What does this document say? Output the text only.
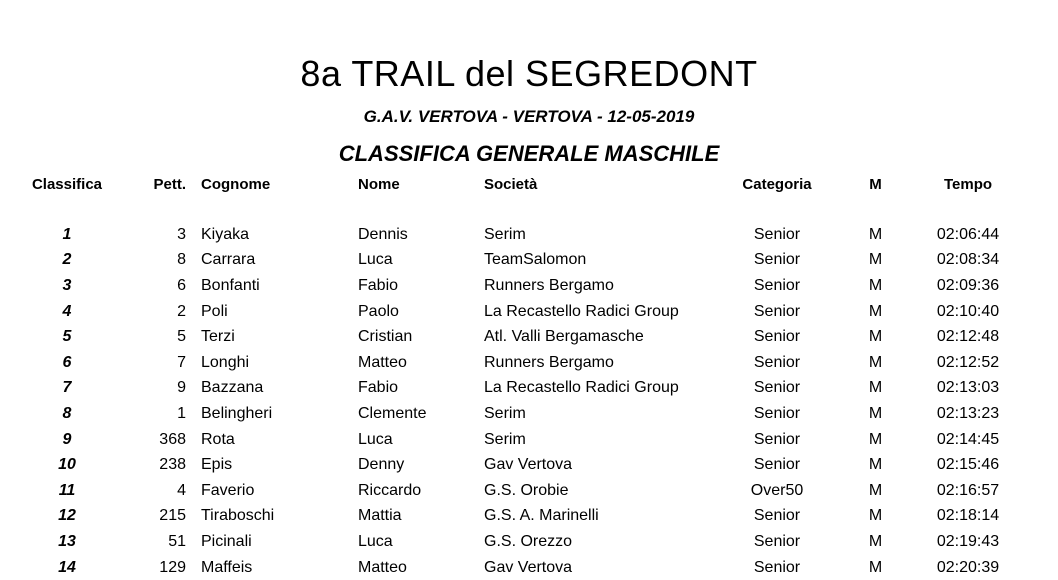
8a TRAIL del SEGREDONT
G.A.V. VERTOVA - VERTOVA - 12-05-2019
CLASSIFICA GENERALE MASCHILE
Classifica	Pett.	Cognome	Nome	Società	Categoria	M	Tempo

1	3	Kiyaka	Dennis	Serim	Senior	M	02:06:44
2	8	Carrara	Luca	TeamSalomon	Senior	M	02:08:34
3	6	Bonfanti	Fabio	Runners Bergamo	Senior	M	02:09:36
4	2	Poli	Paolo	La Recastello Radici Group	Senior	M	02:10:40
5	5	Terzi	Cristian	Atl. Valli Bergamasche	Senior	M	02:12:48
6	7	Longhi	Matteo	Runners Bergamo	Senior	M	02:12:52
7	9	Bazzana	Fabio	La Recastello Radici Group	Senior	M	02:13:03
8	1	Belingheri	Clemente	Serim	Senior	M	02:13:23
9	368	Rota	Luca	Serim	Senior	M	02:14:45
10	238	Epis	Denny	Gav Vertova	Senior	M	02:15:46
11	4	Faverio	Riccardo	G.S. Orobie	Over50	M	02:16:57
12	215	Tiraboschi	Mattia	G.S. A. Marinelli	Senior	M	02:18:14
13	51	Picinali	Luca	G.S. Orezzo	Senior	M	02:19:43
14	129	Maffeis	Matteo	Gav Vertova	Senior	M	02:20:39
